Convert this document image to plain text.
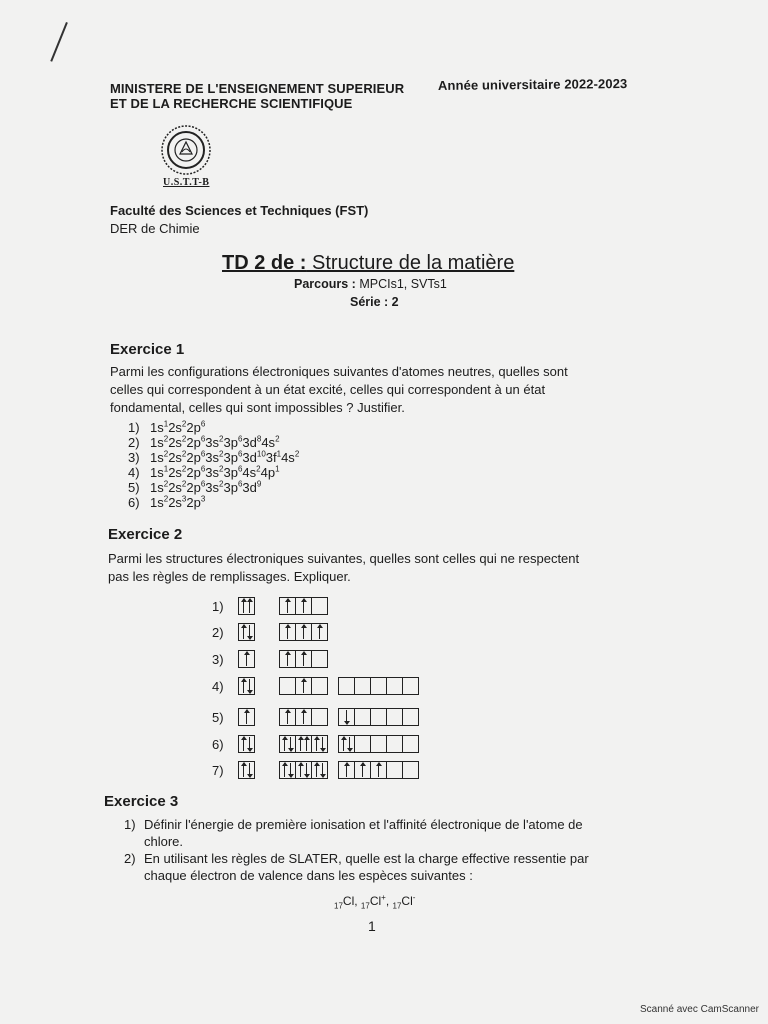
MINISTERE DE L'ENSEIGNEMENT SUPERIEUR	Année universitaire 2022-2023
ET DE LA RECHERCHE SCIENTIFIQUE
U.S.T.T-B
Faculté des Sciences et Techniques (FST)
DER de Chimie
TD 2 de : Structure de la matière
Parcours : MPCIs1, SVTs1
Série : 2
Exercice 1
Parmi les configurations électroniques suivantes d'atomes neutres, quelles sont
celles qui correspondent à un état excité, celles qui correspondent à un état
fondamental, celles qui sont impossibles ? Justifier.
1) $1s^12s^22p^6$
2) $1s^22s^22p^63s^23p^63d^84s^2$
3) $1s^22s^22p^63s^23p^63d^{10}3f^14s^2$
4) $1s^12s^22p^63s^23p^64s^24p^1$
5) $1s^22s^22p^63s^23p^63d^9$
6) $1s^22s^32p^3$
Exercice 2
Parmi les structures électroniques suivantes, quelles sont celles qui ne respectent
pas les règles de remplissages. Expliquer.
1)
2)
3)
4)
5)
6)
7)
Exercice 3
1) Définir l'énergie de première ionisation et l'affinité électronique de l'atome de
chlore.
2) En utilisant les règles de SLATER, quelle est la charge effective ressentie par
chaque électron de valence dans les espèces suivantes :
$_{17}$Cl, $_{17}$Cl+, $_{17}$Cl-
1
Scanné avec CamScanner
